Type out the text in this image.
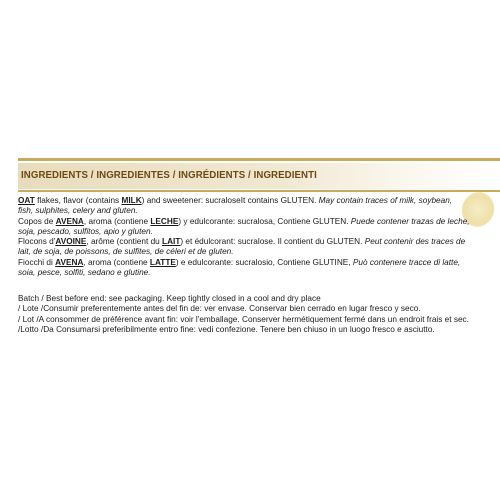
INGREDIENTS / INGREDIENTES / INGRÉDIENTS / INGREDIENTI

OAT flakes, flavor (contains MILK) and sweetener: sucraloseIt contains GLUTEN. May contain traces of milk, soybean,
fish, sulphites, celery and gluten.

Copos de AVENA, aroma (contiene LECHE) y edulcorante: sucralosa, Contiene GLUTEN. Puede contener trazas de leche,
soja, pescado, sulfitos, apio y gluten.

Flocons d'AVOINE, arôme (contient du LAIT) et édulcorant: sucralose. Il contient du GLUTEN. Peut contenir des traces de
lait, de soja, de poissons, de sulfites, de céleri et de gluten.

Fiocchi di AVENA, aroma (contiene LATTE) e edulcorante: sucralosio, Contiene GLUTINE, Può contenere tracce di latte,
soia, pesce, solfiti, sedano e glutine.

Batch / Best before end: see packaging. Keep tightly closed in a cool and dry place

/ Lote /Consumir preferentemente antes del fin de: ver envase. Conservar bien cerrado en lugar fresco y seco.

/ Lot /A consommer de préférence avant fin: voir l'emballage. Conserver hermétiquement fermé dans un endroit frais et sec.

/Lotto /Da Consumarsi preferibilmente entro fine: vedi confezione. Tenere ben chiuso in un luogo fresco e asciutto.
